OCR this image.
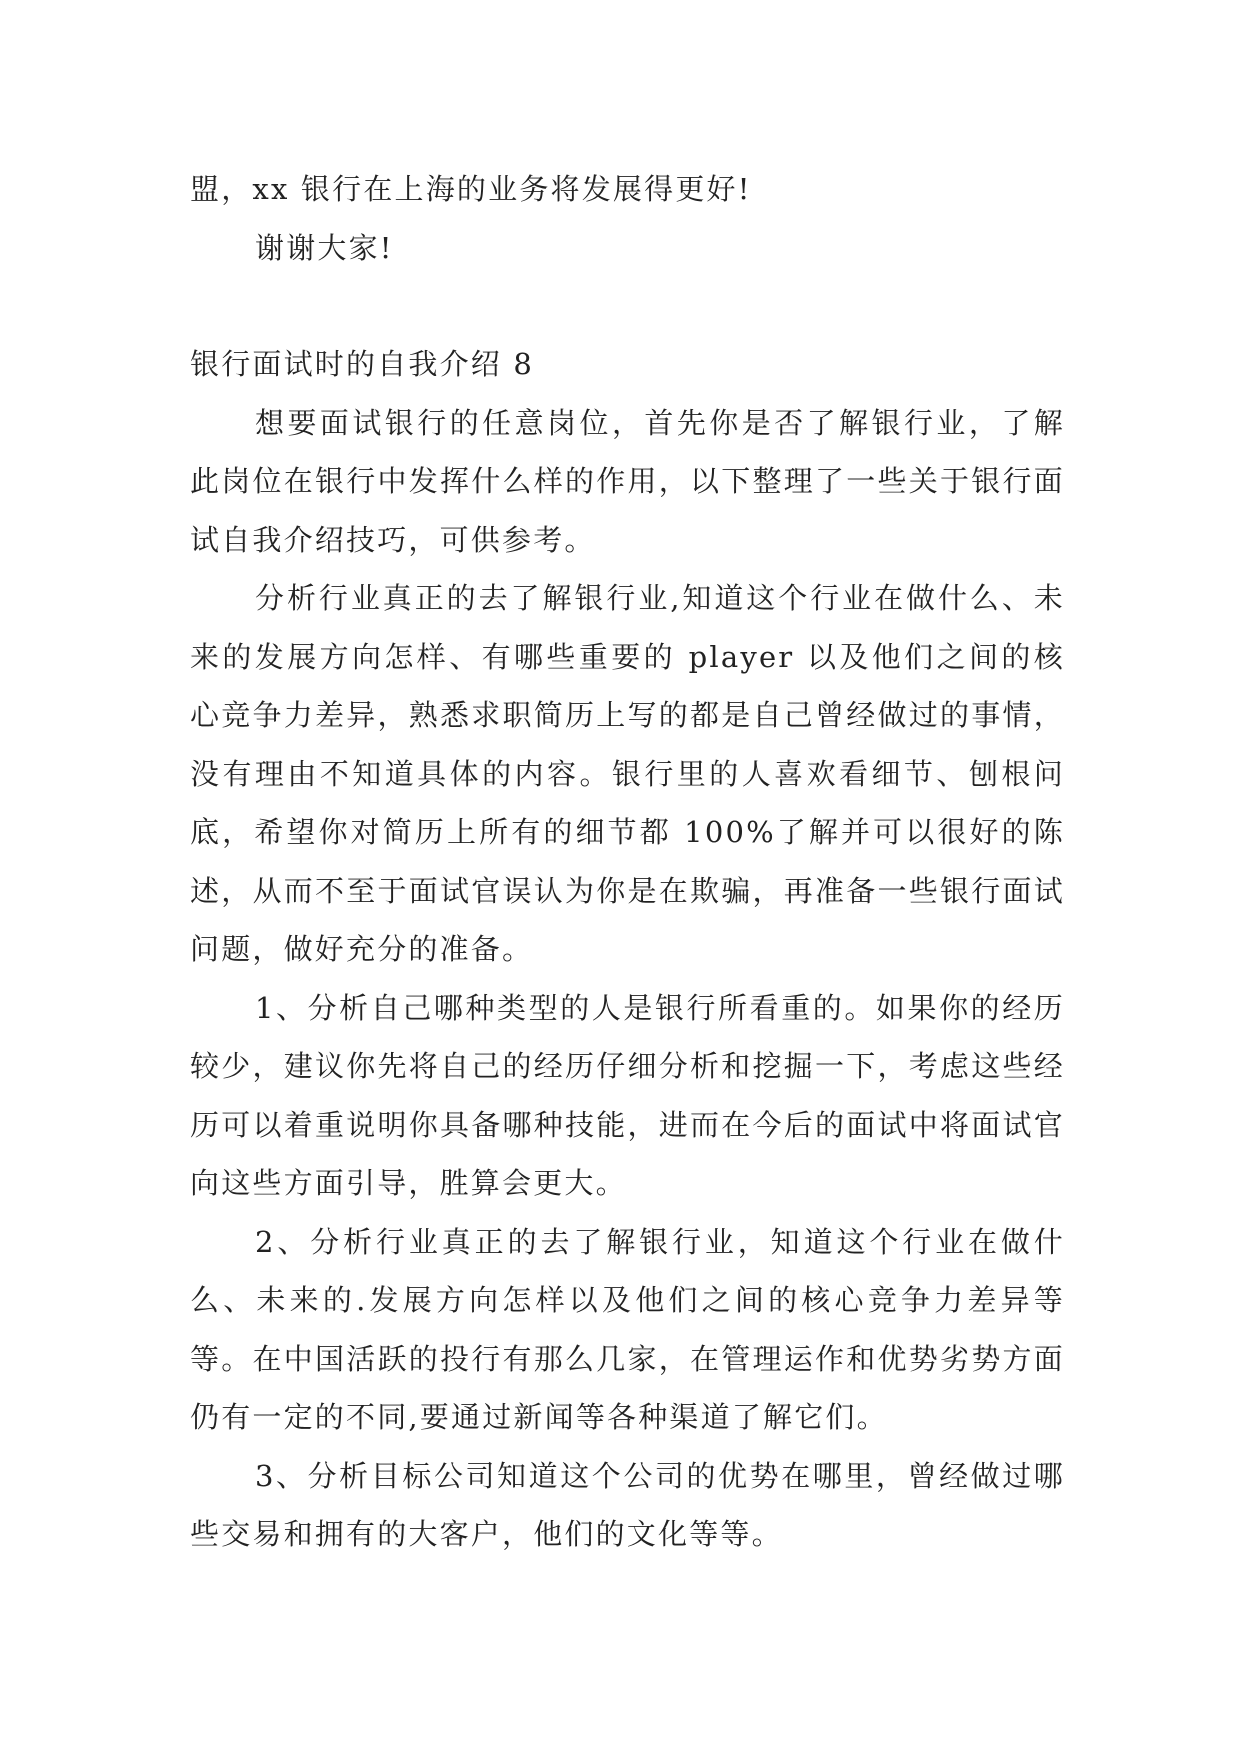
盟，xx 银行在上海的业务将发展得更好!

谢谢大家!

银行面试时的自我介绍 8

想要面试银行的任意岗位，首先你是否了解银行业，了解此岗位在银行中发挥什么样的作用，以下整理了一些关于银行面试自我介绍技巧，可供参考。

分析行业真正的去了解银行业,知道这个行业在做什么、未来的发展方向怎样、有哪些重要的 player 以及他们之间的核心竞争力差异，熟悉求职简历上写的都是自己曾经做过的事情，没有理由不知道具体的内容。银行里的人喜欢看细节、刨根问底，希望你对简历上所有的细节都 100%了解并可以很好的陈述，从而不至于面试官误认为你是在欺骗，再准备一些银行面试问题，做好充分的准备。

1、分析自己哪种类型的人是银行所看重的。如果你的经历较少，建议你先将自己的经历仔细分析和挖掘一下，考虑这些经历可以着重说明你具备哪种技能，进而在今后的面试中将面试官向这些方面引导，胜算会更大。

2、分析行业真正的去了解银行业，知道这个行业在做什么、未来的.发展方向怎样以及他们之间的核心竞争力差异等等。在中国活跃的投行有那么几家，在管理运作和优势劣势方面仍有一定的不同,要通过新闻等各种渠道了解它们。

3、分析目标公司知道这个公司的优势在哪里，曾经做过哪些交易和拥有的大客户，他们的文化等等。
